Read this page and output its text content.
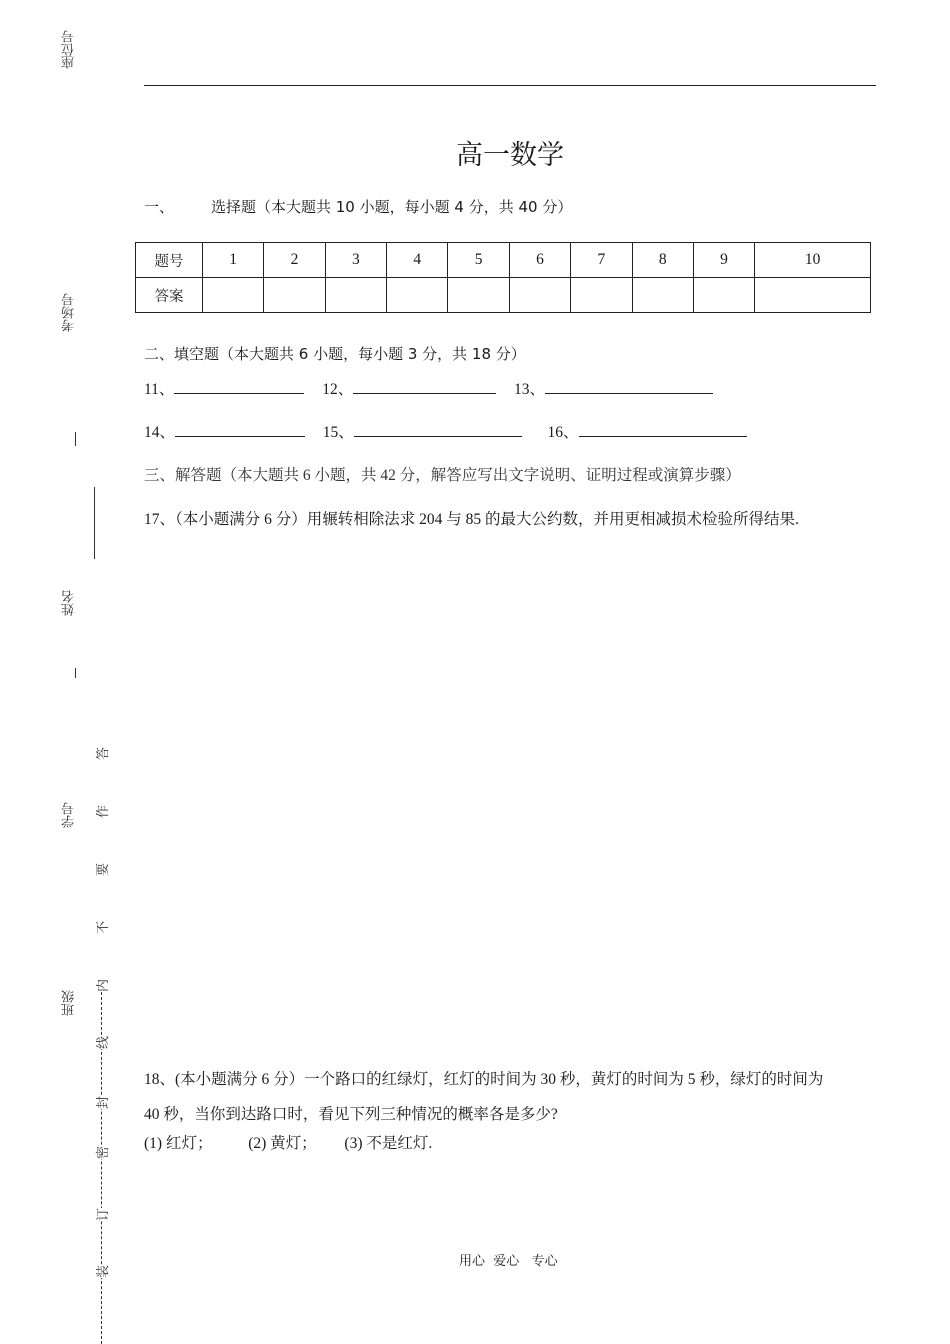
座位号
考场号
姓名
学号
班级
答
作
要
不
内
线
封
密
订
装
高一数学
一、 选择题（本大题共 10 小题，每小题 4 分，共 40 分）
题号	1	2	3	4	5	6	7	8	9	10
答案										
二、填空题（本大题共 6 小题，每小题 3 分，共 18 分）
11、	12、	13、
14、	15、	16、
三、解答题（本大题共 6 小题，共 42 分，解答应写出文字说明、证明过程或演算步骤）
17、（本小题满分 6 分）用辗转相除法求 204 与 85 的最大公约数，并用更相减损术检验所得结果.
18、(本小题满分 6 分）一个路口的红绿灯，红灯的时间为 30 秒，黄灯的时间为 5 秒，绿灯的时间为
40 秒，当你到达路口时，看见下列三种情况的概率各是多少?
(1) 红灯； (2) 黄灯； (3) 不是红灯.
用心  爱心   专心
